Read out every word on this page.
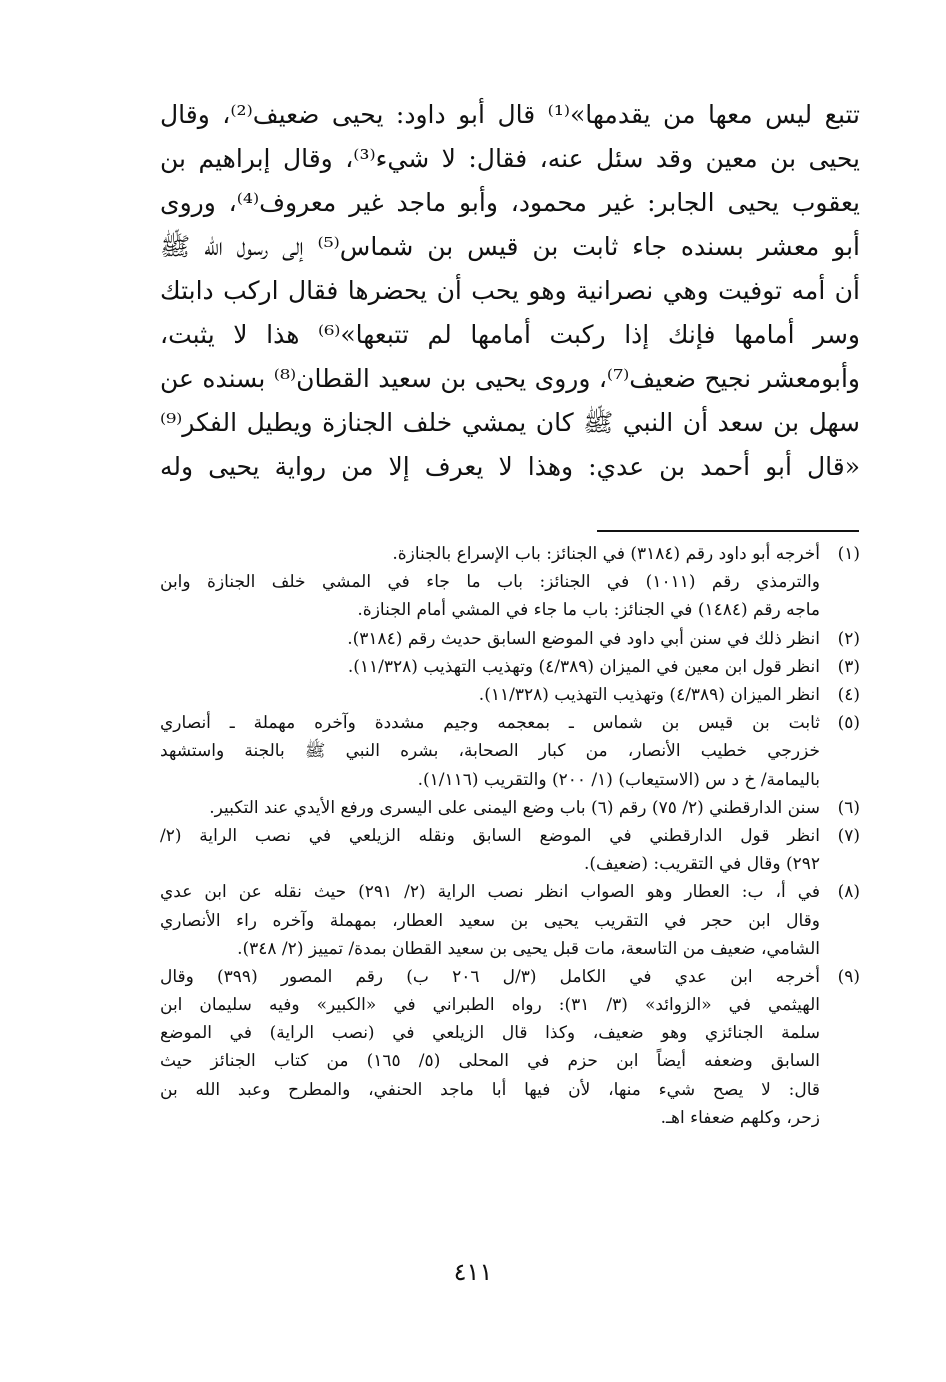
تتبع ليس معها من يقدمها»⁽¹⁾ قال أبو داود: يحيى ضعيف⁽²⁾، وقال
يحيى بن معين وقد سئل عنه، فقال: لا شيء⁽³⁾، وقال إبراهيم بن
يعقوب يحيى الجابر: غير محمود، وأبو ماجد غير معروف⁽⁴⁾، وروى
أبو معشر بسنده جاء ثابت بن قيس بن شماس⁽⁵⁾ إلى رسول الله ﷺ
أن أمه توفيت وهي نصرانية وهو يحب أن يحضرها فقال اركب دابتك
وسر أمامها فإنك إذا ركبت أمامها لم تتبعها»⁽⁶⁾ هذا لا يثبت،
وأبومعشر نجيح ضعيف⁽⁷⁾، وروى يحيى بن سعيد القطان⁽⁸⁾ بسنده عن
سهل بن سعد أن النبي ﷺ كان يمشي خلف الجنازة ويطيل الفكر⁽⁹⁾
«قال أبو أحمد بن عدي: وهذا لا يعرف إلا من رواية يحيى وله
(١)
أخرجه أبو داود رقم (٣١٨٤) في الجنائز: باب الإسراع بالجنازة.
والترمذي رقم (١٠١١) في الجنائز: باب ما جاء في المشي خلف الجنازة وابن
ماجه رقم (١٤٨٤) في الجنائز: باب ما جاء في المشي أمام الجنازة.
(٢)
انظر ذلك في سنن أبي داود في الموضع السابق حديث رقم (٣١٨٤).
(٣)
انظر قول ابن معين في الميزان (٤/٣٨٩) وتهذيب التهذيب (١١/٣٢٨).
(٤)
انظر الميزان (٤/٣٨٩) وتهذيب التهذيب (١١/٣٢٨).
(٥)
ثابت بن قيس بن شماس ـ بمعجمه وجيم مشددة وآخره مهملة ـ أنصاري
خزرجي خطيب الأنصار، من كبار الصحابة، بشره النبي ﷺ بالجنة واستشهد
باليمامة/ خ د س (الاستيعاب) (١/ ٢٠٠) والتقريب (١/١١٦).
(٦)
سنن الدارقطني (٢/ ٧٥) رقم (٦) باب وضع اليمنى على اليسرى ورفع الأيدي عند التكبير.
(٧)
انظر قول الدارقطني في الموضع السابق ونقله الزيلعي في نصب الراية (٢/
٢٩٢) وقال في التقريب: (ضعيف).
(٨)
في أ، ب: العطار وهو الصواب انظر نصب الراية (٢/ ٢٩١) حيث نقله عن ابن عدي
وقال ابن حجر في التقريب يحيى بن سعيد العطار، بمهملة وآخره راء الأنصاري
الشامي، ضعيف من التاسعة، مات قبل يحيى بن سعيد القطان بمدة/ تمييز (٢/ ٣٤٨).
(٩)
أخرجه ابن عدي في الكامل (٣/ل ٢٠٦ ب) رقم المصور (٣٩٩) وقال
الهيثمي في «الزوائد» (٣/ ٣١): رواه الطبراني في «الكبير» وفيه سليمان ابن
سلمة الجنائزي وهو ضعيف، وكذا قال الزيلعي في (نصب الراية) في الموضع
السابق وضعفه أيضاً ابن حزم في المحلى (٥/ ١٦٥) من كتاب الجنائز حيث
قال: لا يصح شيء منها، لأن فيها أبا ماجد الحنفي، والمطرح وعبد الله بن
زحر، وكلهم ضعفاء اهـ.
٤١١
